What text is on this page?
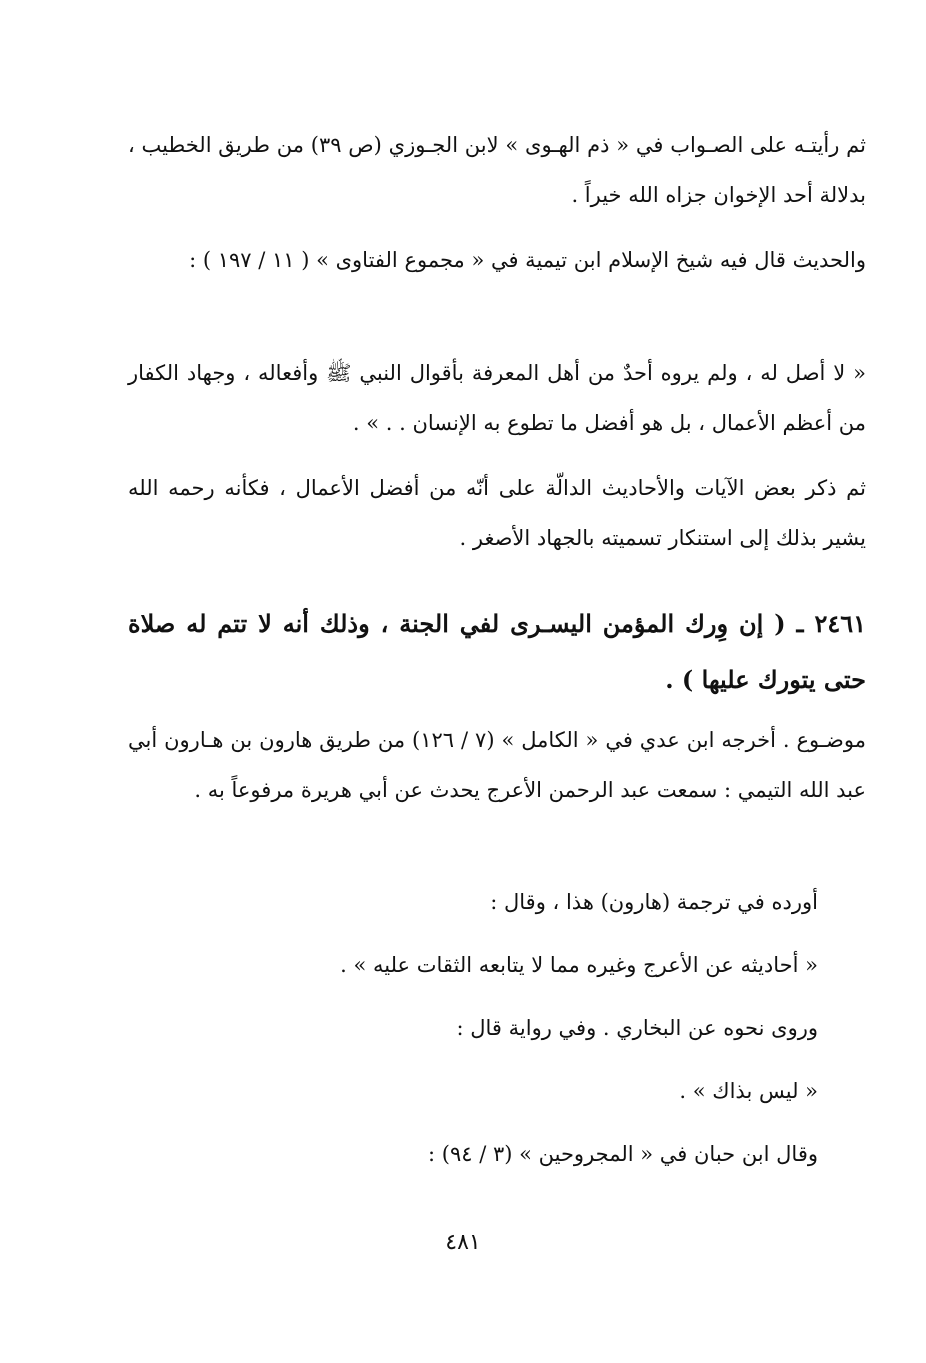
ثم رأيتـه على الصـواب في « ذم الهـوى » لابن الجـوزي (ص ٣٩) من طريق الخطيب ، بدلالة أحد الإخوان جزاه الله خيراً .

والحديث قال فيه شيخ الإسلام ابن تيمية في « مجموع الفتاوى » ( ١١ / ١٩٧ ) :

« لا أصل له ، ولم يروه أحدٌ من أهل المعرفة بأقوال النبي ﷺ وأفعاله ، وجهاد الكفار من أعظم الأعمال ، بل هو أفضل ما تطوع به الإنسان . . » .

ثم ذكر بعض الآيات والأحاديث الدالّة على أنّه من أفضل الأعمال ، فكأنه رحمه الله يشير بذلك إلى استنكار تسميته بالجهاد الأصغر .

٢٤٦١ ـ ( إن وِرك المؤمن اليسـرى لفي الجنة ، وذلك أنه لا تتم له صلاة حتى يتورك عليها ) .

موضـوع . أخرجه ابن عدي في « الكامل » (٧ / ١٢٦) من طريق هارون بن هـارون أبي عبد الله التيمي : سمعت عبد الرحمن الأعرج يحدث عن أبي هريرة مرفوعاً به .

أورده في ترجمة (هارون) هذا ، وقال :

« أحاديثه عن الأعرج وغيره مما لا يتابعه الثقات عليه » .

وروى نحوه عن البخاري . وفي رواية قال :

« ليس بذاك » .

وقال ابن حبان في « المجروحين » (٣ / ٩٤) :

٤٨١
